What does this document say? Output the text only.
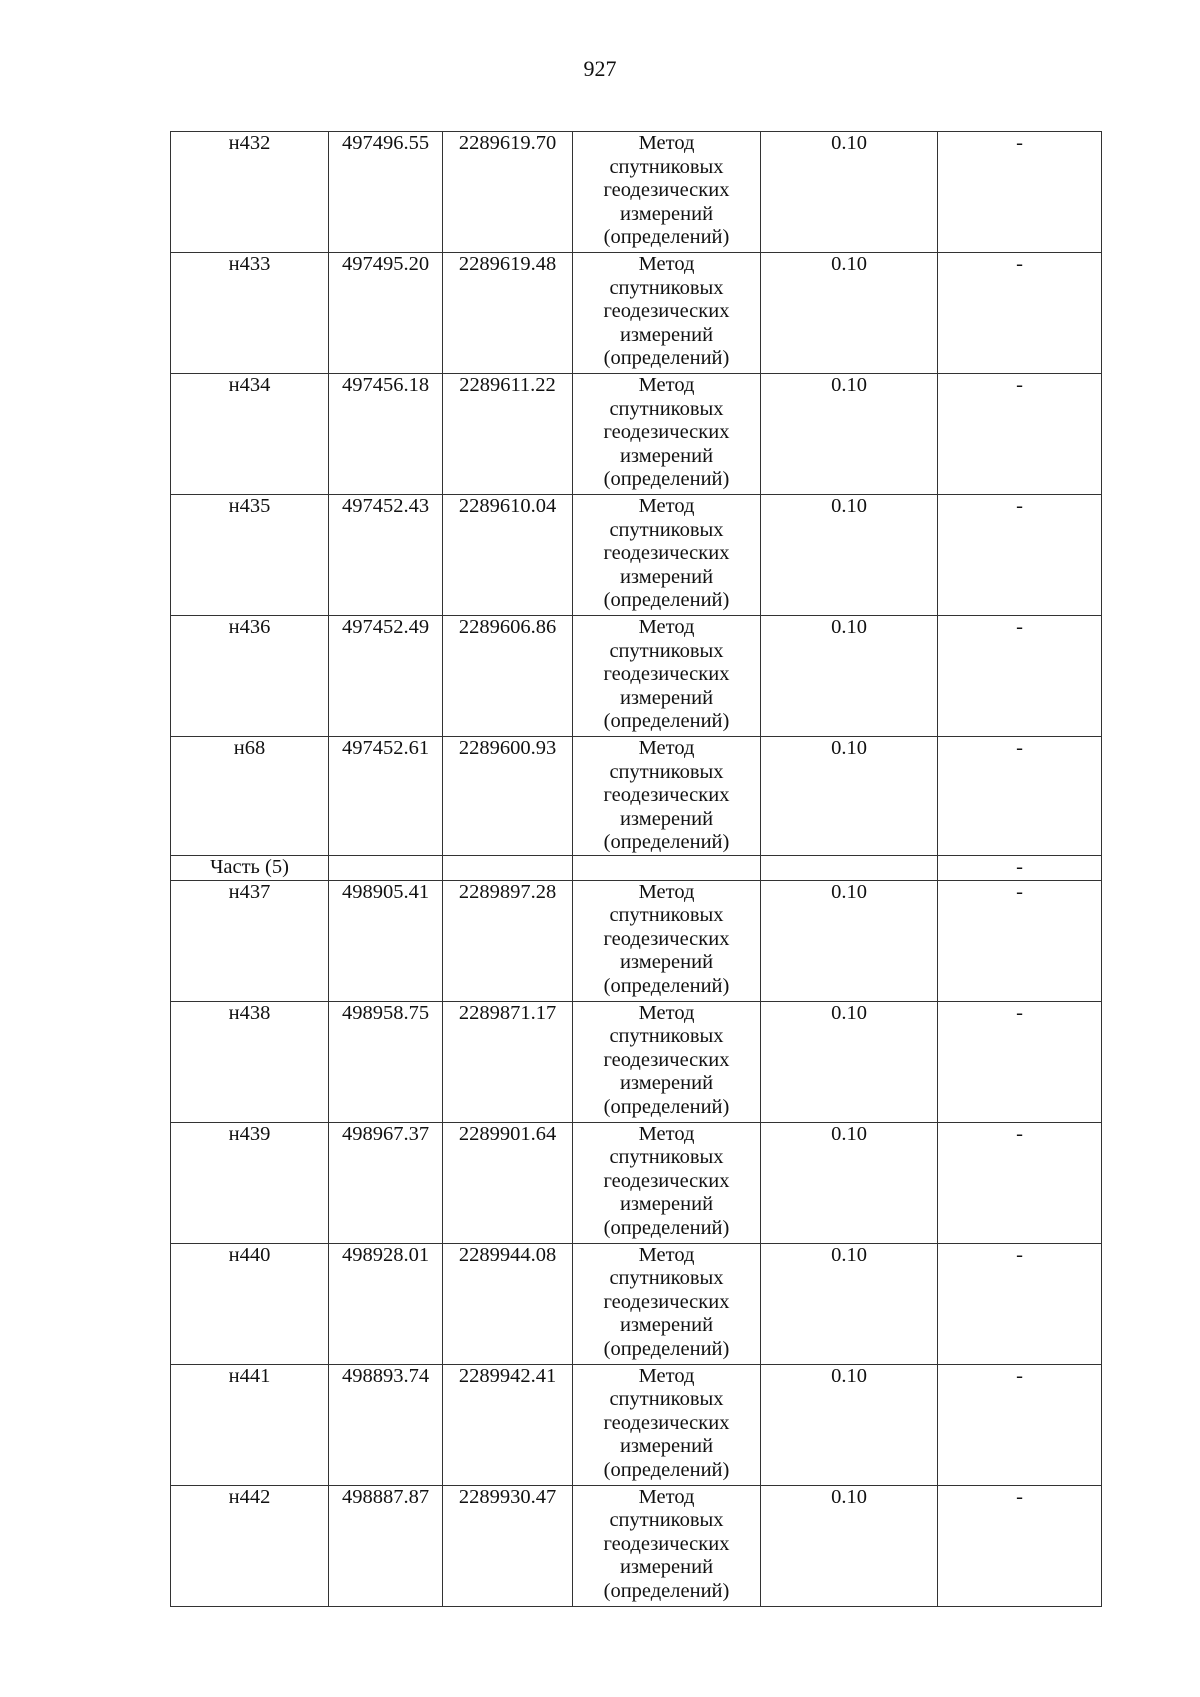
927
н432	497496.55	2289619.70	Метод
спутниковых
геодезических
измерений
(определений)	0.10	-
н433	497495.20	2289619.48	Метод
спутниковых
геодезических
измерений
(определений)	0.10	-
н434	497456.18	2289611.22	Метод
спутниковых
геодезических
измерений
(определений)	0.10	-
н435	497452.43	2289610.04	Метод
спутниковых
геодезических
измерений
(определений)	0.10	-
н436	497452.49	2289606.86	Метод
спутниковых
геодезических
измерений
(определений)	0.10	-
н68	497452.61	2289600.93	Метод
спутниковых
геодезических
измерений
(определений)	0.10	-
Часть (5)					-
н437	498905.41	2289897.28	Метод
спутниковых
геодезических
измерений
(определений)	0.10	-
н438	498958.75	2289871.17	Метод
спутниковых
геодезических
измерений
(определений)	0.10	-
н439	498967.37	2289901.64	Метод
спутниковых
геодезических
измерений
(определений)	0.10	-
н440	498928.01	2289944.08	Метод
спутниковых
геодезических
измерений
(определений)	0.10	-
н441	498893.74	2289942.41	Метод
спутниковых
геодезических
измерений
(определений)	0.10	-
н442	498887.87	2289930.47	Метод
спутниковых
геодезических
измерений
(определений)	0.10	-
